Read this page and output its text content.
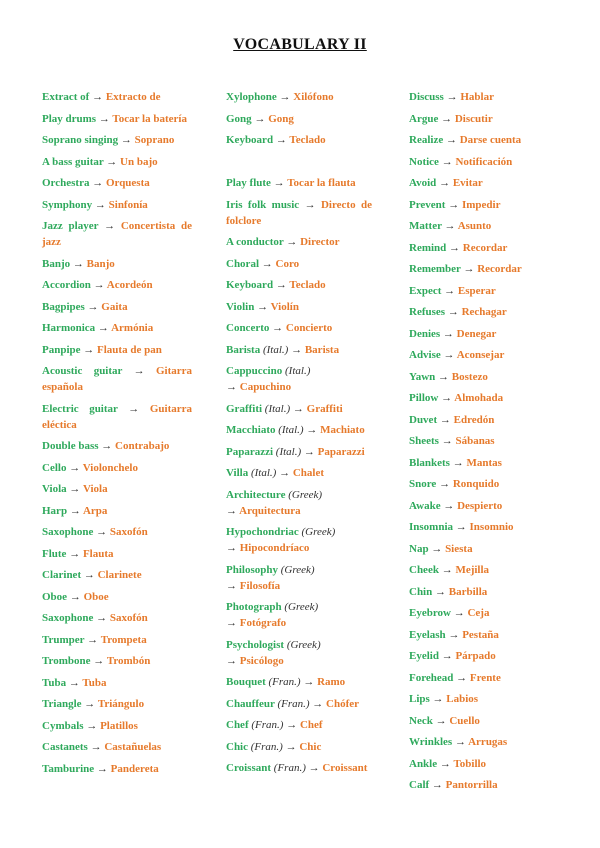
VOCABULARY II
Extract of → Extracto de
Play drums → Tocar la batería
Soprano singing → Soprano
A bass guitar → Un bajo
Orchestra → Orquesta
Symphony → Sinfonía
Jazz player → Concertista de jazz
Banjo → Banjo
Accordion → Acordeón
Bagpipes → Gaita
Harmonica → Armónia
Panpipe → Flauta de pan
Acoustic guitar → Gitarra española
Electric guitar → Guitarra eléctica
Double bass → Contrabajo
Cello → Violonchelo
Viola → Viola
Harp → Arpa
Saxophone → Saxofón
Flute → Flauta
Clarinet → Clarinete
Oboe → Oboe
Saxophone → Saxofón
Trumper → Trompeta
Trombone → Trombón
Tuba → Tuba
Triangle → Triángulo
Cymbals → Platillos
Castanets → Castañuelas
Tamburine → Pandereta
Xylophone → Xilófono
Gong → Gong
Keyboard → Teclado
Play flute → Tocar la flauta
Iris folk music → Directo de folclore
A conductor → Director
Choral → Coro
Keyboard → Teclado
Violin → Violín
Concerto → Concierto
Barista (Ital.) → Barista
Cappuccino (Ital.)
→ Capuchino
Graffiti (Ital.) → Graffiti
Macchiato (Ital.) → Machiato
Paparazzi (Ital.) → Paparazzi
Villa (Ital.) → Chalet
Architecture (Greek)
→ Arquitectura
Hypochondriac (Greek)
→ Hipocondríaco
Philosophy (Greek)
→ Filosofía
Photograph (Greek)
→ Fotógrafo
Psychologist (Greek)
→ Psicólogo
Bouquet (Fran.) → Ramo
Chauffeur (Fran.) → Chófer
Chef (Fran.) → Chef
Chic (Fran.) → Chic
Croissant (Fran.) → Croissant
Discuss → Hablar
Argue → Discutir
Realize → Darse cuenta
Notice → Notificación
Avoid → Evitar
Prevent → Impedir
Matter → Asunto
Remind → Recordar
Remember → Recordar
Expect → Esperar
Refuses → Rechagar
Denies → Denegar
Advise → Aconsejar
Yawn → Bostezo
Pillow → Almohada
Duvet → Edredón
Sheets → Sábanas
Blankets → Mantas
Snore → Ronquido
Awake → Despierto
Insomnia → Insomnio
Nap → Siesta
Cheek → Mejilla
Chin → Barbilla
Eyebrow → Ceja
Eyelash → Pestaña
Eyelid → Párpado
Forehead → Frente
Lips → Labios
Neck → Cuello
Wrinkles → Arrugas
Ankle → Tobillo
Calf → Pantorrilla
